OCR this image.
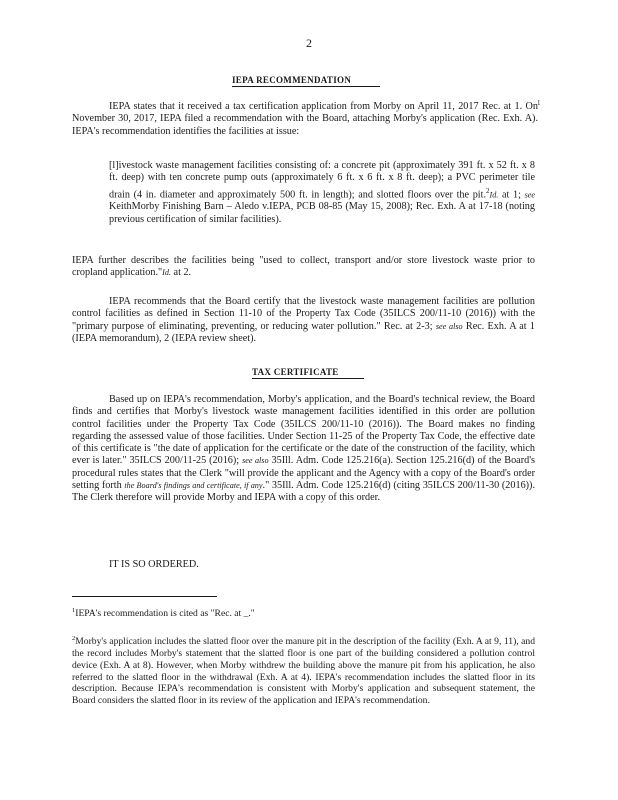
2
IEPA RECOMMENDATION
IEPA states that it received a tax certification application from Morby on April 11, 2017 Rec. at 1. On November 30, 2017, IEPA filed a recommendation with the Board, attaching Morby's application (Rec. Exh. A). IEPA's recommendation identifies the facilities at issue:
1
[l]ivestock waste management facilities consisting of: a concrete pit (approximately 391 ft. x 52 ft. x 8 ft. deep) with ten concrete pump outs (approximately 6 ft. x 6 ft. x 8 ft. deep); a PVC perimeter tile drain (4 in. diameter and approximately 500 ft. in length); and slotted floors over the pit.$^2$Id. at 1; see KeithMorby Finishing Barn – Aledo v.IEPA, PCB 08-85 (May 15, 2008); Rec. Exh. A at 17-18 (noting previous certification of similar facilities).
IEPA further describes the facilities being "used to collect, transport and/or store livestock waste prior to cropland application."Id. at 2.
IEPA recommends that the Board certify that the livestock waste management facilities are pollution control facilities as defined in Section 11-10 of the Property Tax Code (35ILCS 200/11-10 (2016)) with the "primary purpose of eliminating, preventing, or reducing water pollution." Rec. at 2-3; see also Rec. Exh. A at 1 (IEPA memorandum), 2 (IEPA review sheet).
TAX CERTIFICATE
Based up on IEPA's recommendation, Morby's application, and the Board's technical review, the Board finds and certifies that Morby's livestock waste management facilities identified in this order are pollution control facilities under the Property Tax Code (35ILCS 200/11-10 (2016)). The Board makes no finding regarding the assessed value of those facilities. Under Section 11-25 of the Property Tax Code, the effective date of this certificate is "the date of application for the certificate or the date of the construction of the facility, which ever is later." 35ILCS 200/11-25 (2016); see also 35Ill. Adm. Code 125.216(a). Section 125.216(d) of the Board's procedural rules states that the Clerk "will provide the applicant and the Agency with a copy of the Board's order setting forth the Board's findings and certificate, if any." 35Ill. Adm. Code 125.216(d) (citing 35ILCS 200/11-30 (2016)). The Clerk therefore will provide Morby and IEPA with a copy of this order.
IT IS SO ORDERED.
$^1$IEPA's recommendation is cited as "Rec. at _."
$^2$Morby's application includes the slatted floor over the manure pit in the description of the facility (Exh. A at 9, 11), and the record includes Morby's statement that the slatted floor is one part of the building considered a pollution control device (Exh. A at 8). However, when Morby withdrew the building above the manure pit from his application, he also referred to the slatted floor in the withdrawal (Exh. A at 4). IEPA's recommendation includes the slatted floor in its description. Because IEPA's recommendation is consistent with Morby's application and subsequent statement, the Board considers the slatted floor in its review of the application and IEPA's recommendation.
